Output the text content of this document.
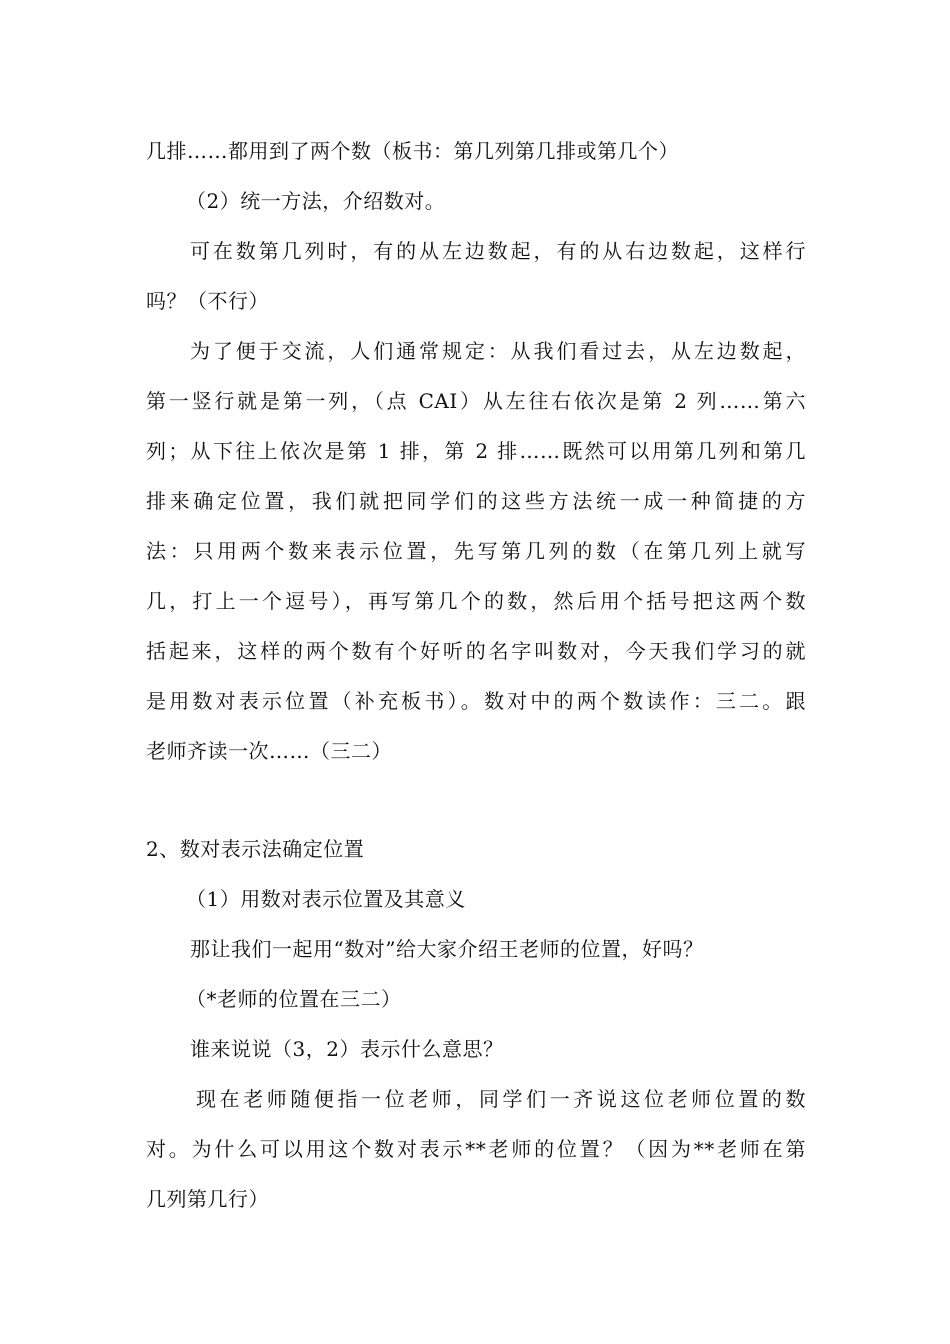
几排……都用到了两个数（板书：第几列第几排或第几个）

（2）统一方法，介绍数对。

可在数第几列时，有的从左边数起，有的从右边数起，这样行

吗？（不行）

为了便于交流，人们通常规定：从我们看过去，从左边数起，

第一竖行就是第一列，（点 CAI）从左往右依次是第 2 列……第六

列；从下往上依次是第 1 排，第 2 排……既然可以用第几列和第几

排来确定位置，我们就把同学们的这些方法统一成一种简捷的方

法：只用两个数来表示位置，先写第几列的数（在第几列上就写

几，打上一个逗号），再写第几个的数，然后用个括号把这两个数

括起来，这样的两个数有个好听的名字叫数对，今天我们学习的就

是用数对表示位置（补充板书）。数对中的两个数读作：三二。跟

老师齐读一次……（三二）

2、数对表示法确定位置

（1）用数对表示位置及其意义

那让我们一起用“数对”给大家介绍王老师的位置，好吗？

（*老师的位置在三二）

谁来说说（3，2）表示什么意思？

现在老师随便指一位老师，同学们一齐说这位老师位置的数

对。为什么可以用这个数对表示**老师的位置？（因为**老师在第

几列第几行）
